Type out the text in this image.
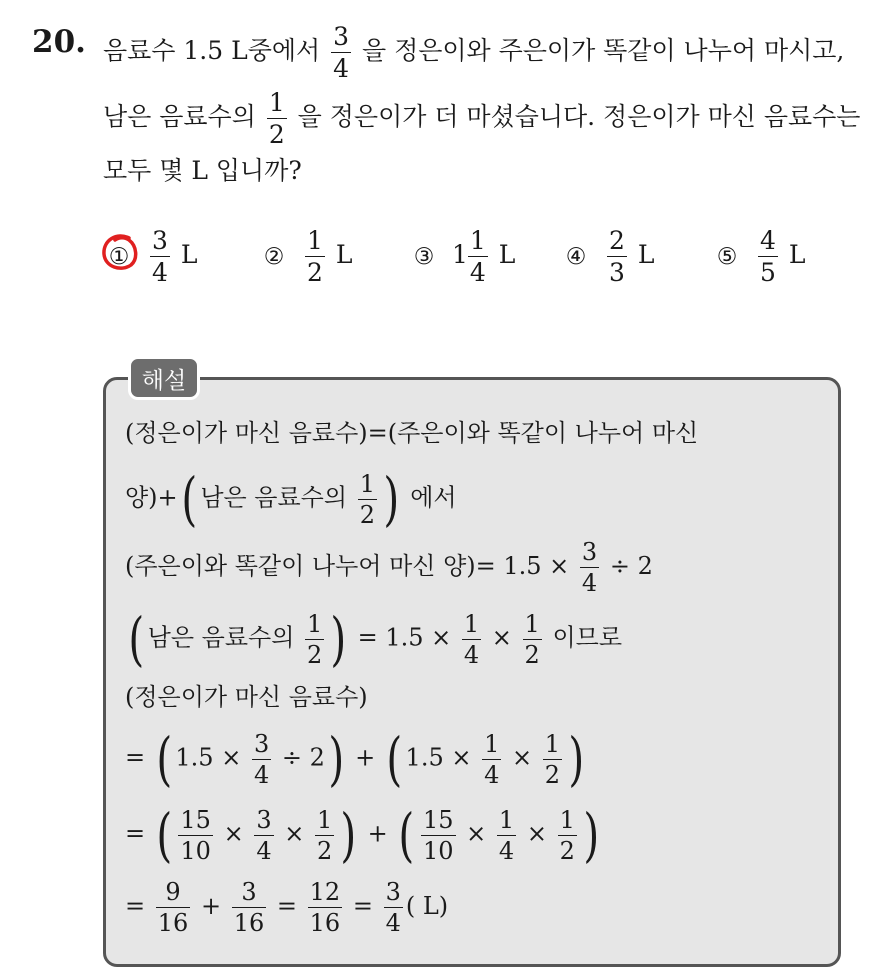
20. 음료수 1.5 L중에서 $\frac{3}{4}$ 을 정은이와 주은이가 똑같이 나누어 마시고,
남은 음료수의 $\frac{1}{2}$ 을 정은이가 더 마셨습니다. 정은이가 마신 음료수는
모두 몇 L 입니까?
① $\frac{3}{4}$ L	② $\frac{1}{2}$ L	③ $1 \frac{1}{4}$ L ④ $\frac{2}{3}$ L	⑤ $\frac{4}{5}$ L
해설
(정은이가 마신 음료수)=(주은이와 똑같이 나누어 마신
양)+( 남은 음료수의 $\frac{1}{2}$ ) 에서
(주은이와 똑같이 나누어 마신 양)= $1.5 \times \frac{3}{4} \div 2$
( 남은 음료수의 $\frac{1}{2}$ ) = $1.5 \times \frac{1}{4} \times \frac{1}{2}$ 이므로
(정은이가 마신 음료수)
= ( $1.5 \times \frac{3}{4} \div 2$) + ( $1.5 \times \frac{1}{4} \times \frac{1}{2}$ )
= ( $\frac{15}{10} \times \frac{3}{4} \times \frac{1}{2}$ ) + ( $\frac{15}{10} \times \frac{1}{4} \times \frac{1}{2}$ )
= $\frac{9}{16} + \frac{3}{16} = \frac{12}{16} = \frac{3}{4}$ ( L)
